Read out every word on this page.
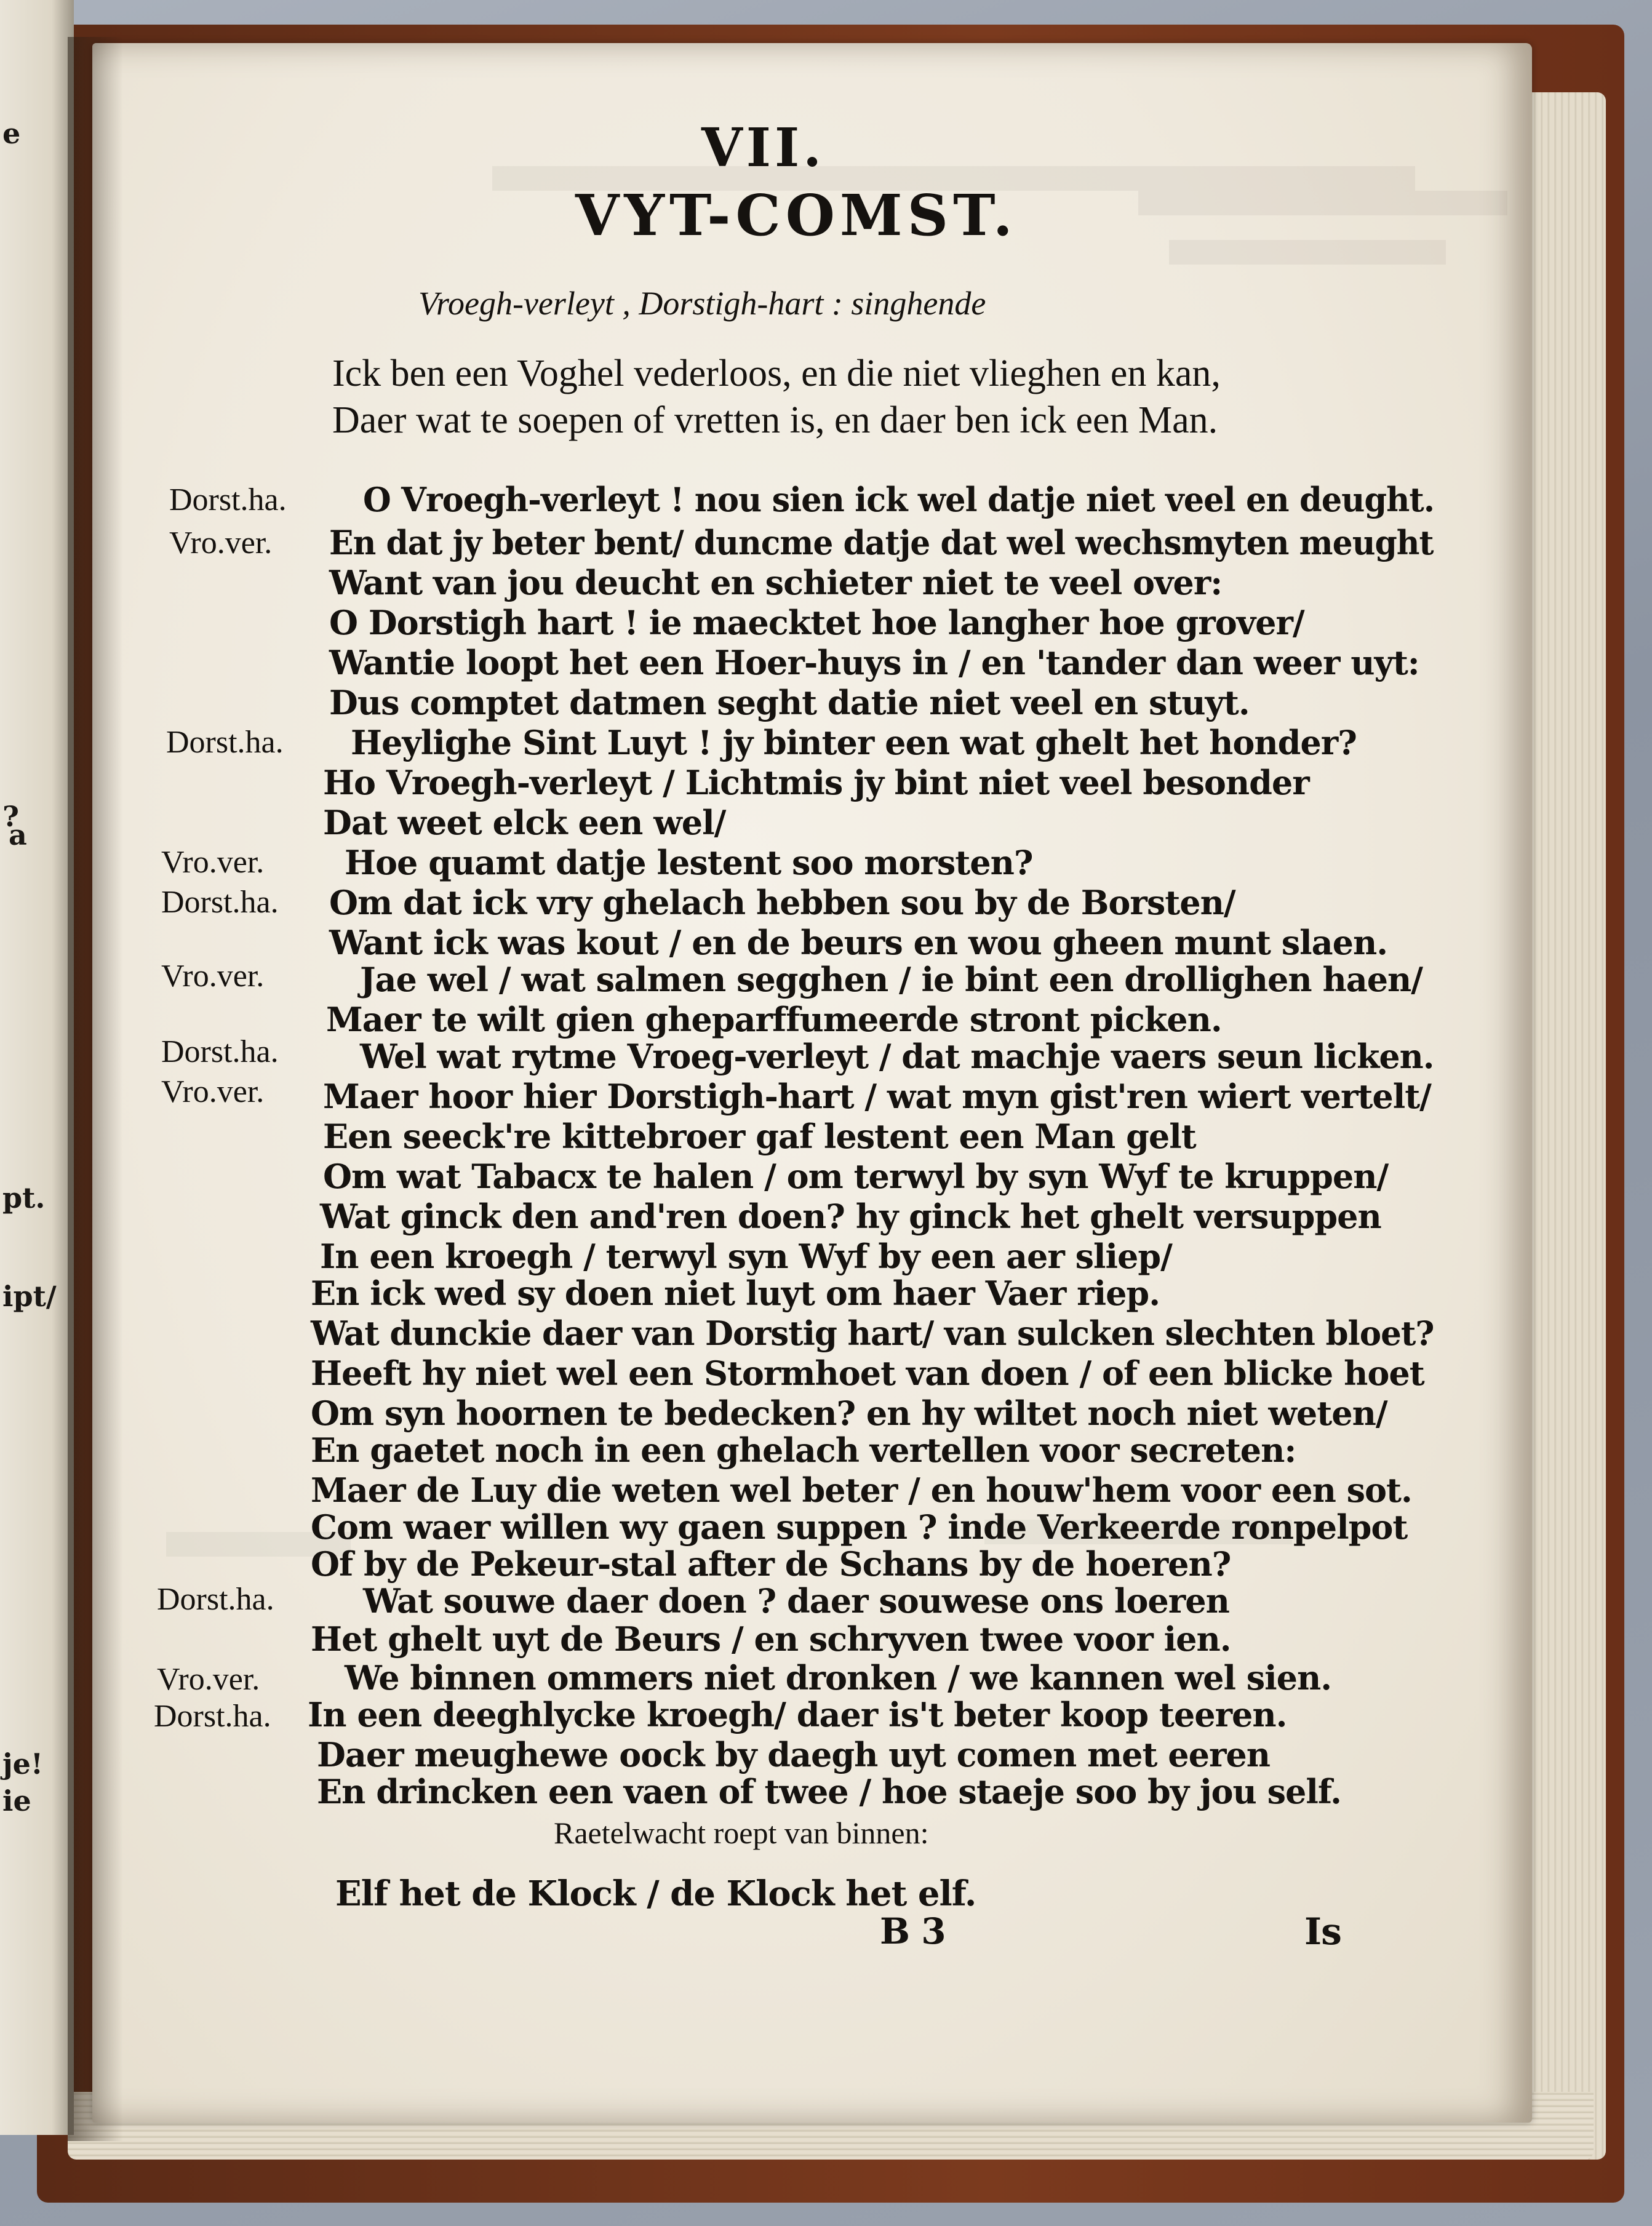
e
?
a
pt.
ipt/
je!
ie
VII.
VYT-COMST.
Vroegh-verleyt , Dorstigh-hart : singhende
Ick ben een Voghel vederloos, en die niet vlieghen en kan,
Daer wat te soepen of vretten is, en daer ben ick een Man.
Dorst.ha. O Vroegh-verleyt ! nou sien ick wel datje niet veel en deught.
Vro.ver. En dat jy beter bent/ duncme datje dat wel wechsmyten meught
Want van jou deucht en schieter niet te veel over:
O Dorstigh hart ! ie maecktet hoe langher hoe grover/
Wantie loopt het een Hoer-huys in / en 'tander dan weer uyt:
Dus comptet datmen seght datie niet veel en stuyt.
Dorst.ha. Heylighe Sint Luyt ! jy binter een wat ghelt het honder?
Ho Vroegh-verleyt / Lichtmis jy bint niet veel besonder
Dat weet elck een wel/
Vro.ver. Hoe quamt datje lestent soo morsten?
Dorst.ha. Om dat ick vry ghelach hebben sou by de Borsten/
Want ick was kout / en de beurs en wou gheen munt slaen.
Vro.ver.	Jae wel / wat salmen segghen / ie bint een drollighen haen/
Maer te wilt gien gheparffumeerde stront picken.
Dorst.ha. Wel wat rytme Vroeg-verleyt / dat machje vaers seun licken.
Vro.ver. Maer hoor hier Dorstigh-hart / wat myn gist'ren wiert vertelt/
Een seeck're kittebroer gaf lestent een Man gelt
Om wat Tabacx te halen / om terwyl by syn Wyf te kruppen/
Wat ginck den and'ren doen? hy ginck het ghelt versuppen
In een kroegh / terwyl syn Wyf by een aer sliep/
En ick wed sy doen niet luyt om haer Vaer riep.
Wat dunckie daer van Dorstig hart/ van sulcken slechten bloet?
Heeft hy niet wel een Stormhoet van doen / of een blicke hoet
Om syn hoornen te bedecken? en hy wiltet noch niet weten/
En gaetet noch in een ghelach vertellen voor secreten:
Maer de Luy die weten wel beter / en houw'hem voor een sot.
Com waer willen wy gaen suppen ? inde Verkeerde ronpelpot
Of by de Pekeur-stal after de Schans by de hoeren?
Dorst.ha.	Wat souwe daer doen ? daer souwese ons loeren
Het ghelt uyt de Beurs / en schryven twee voor ien.
Vro.ver.	We binnen ommers niet dronken / we kannen wel sien.
Dorst.ha. In een deeghlycke kroegh/ daer is't beter koop teeren.
Daer meughewe oock by daegh uyt comen met eeren
En drincken een vaen of twee / hoe staeje soo by jou self.
Raetelwacht roept van binnen:
Elf het de Klock / de Klock het elf.
B 3	Is
